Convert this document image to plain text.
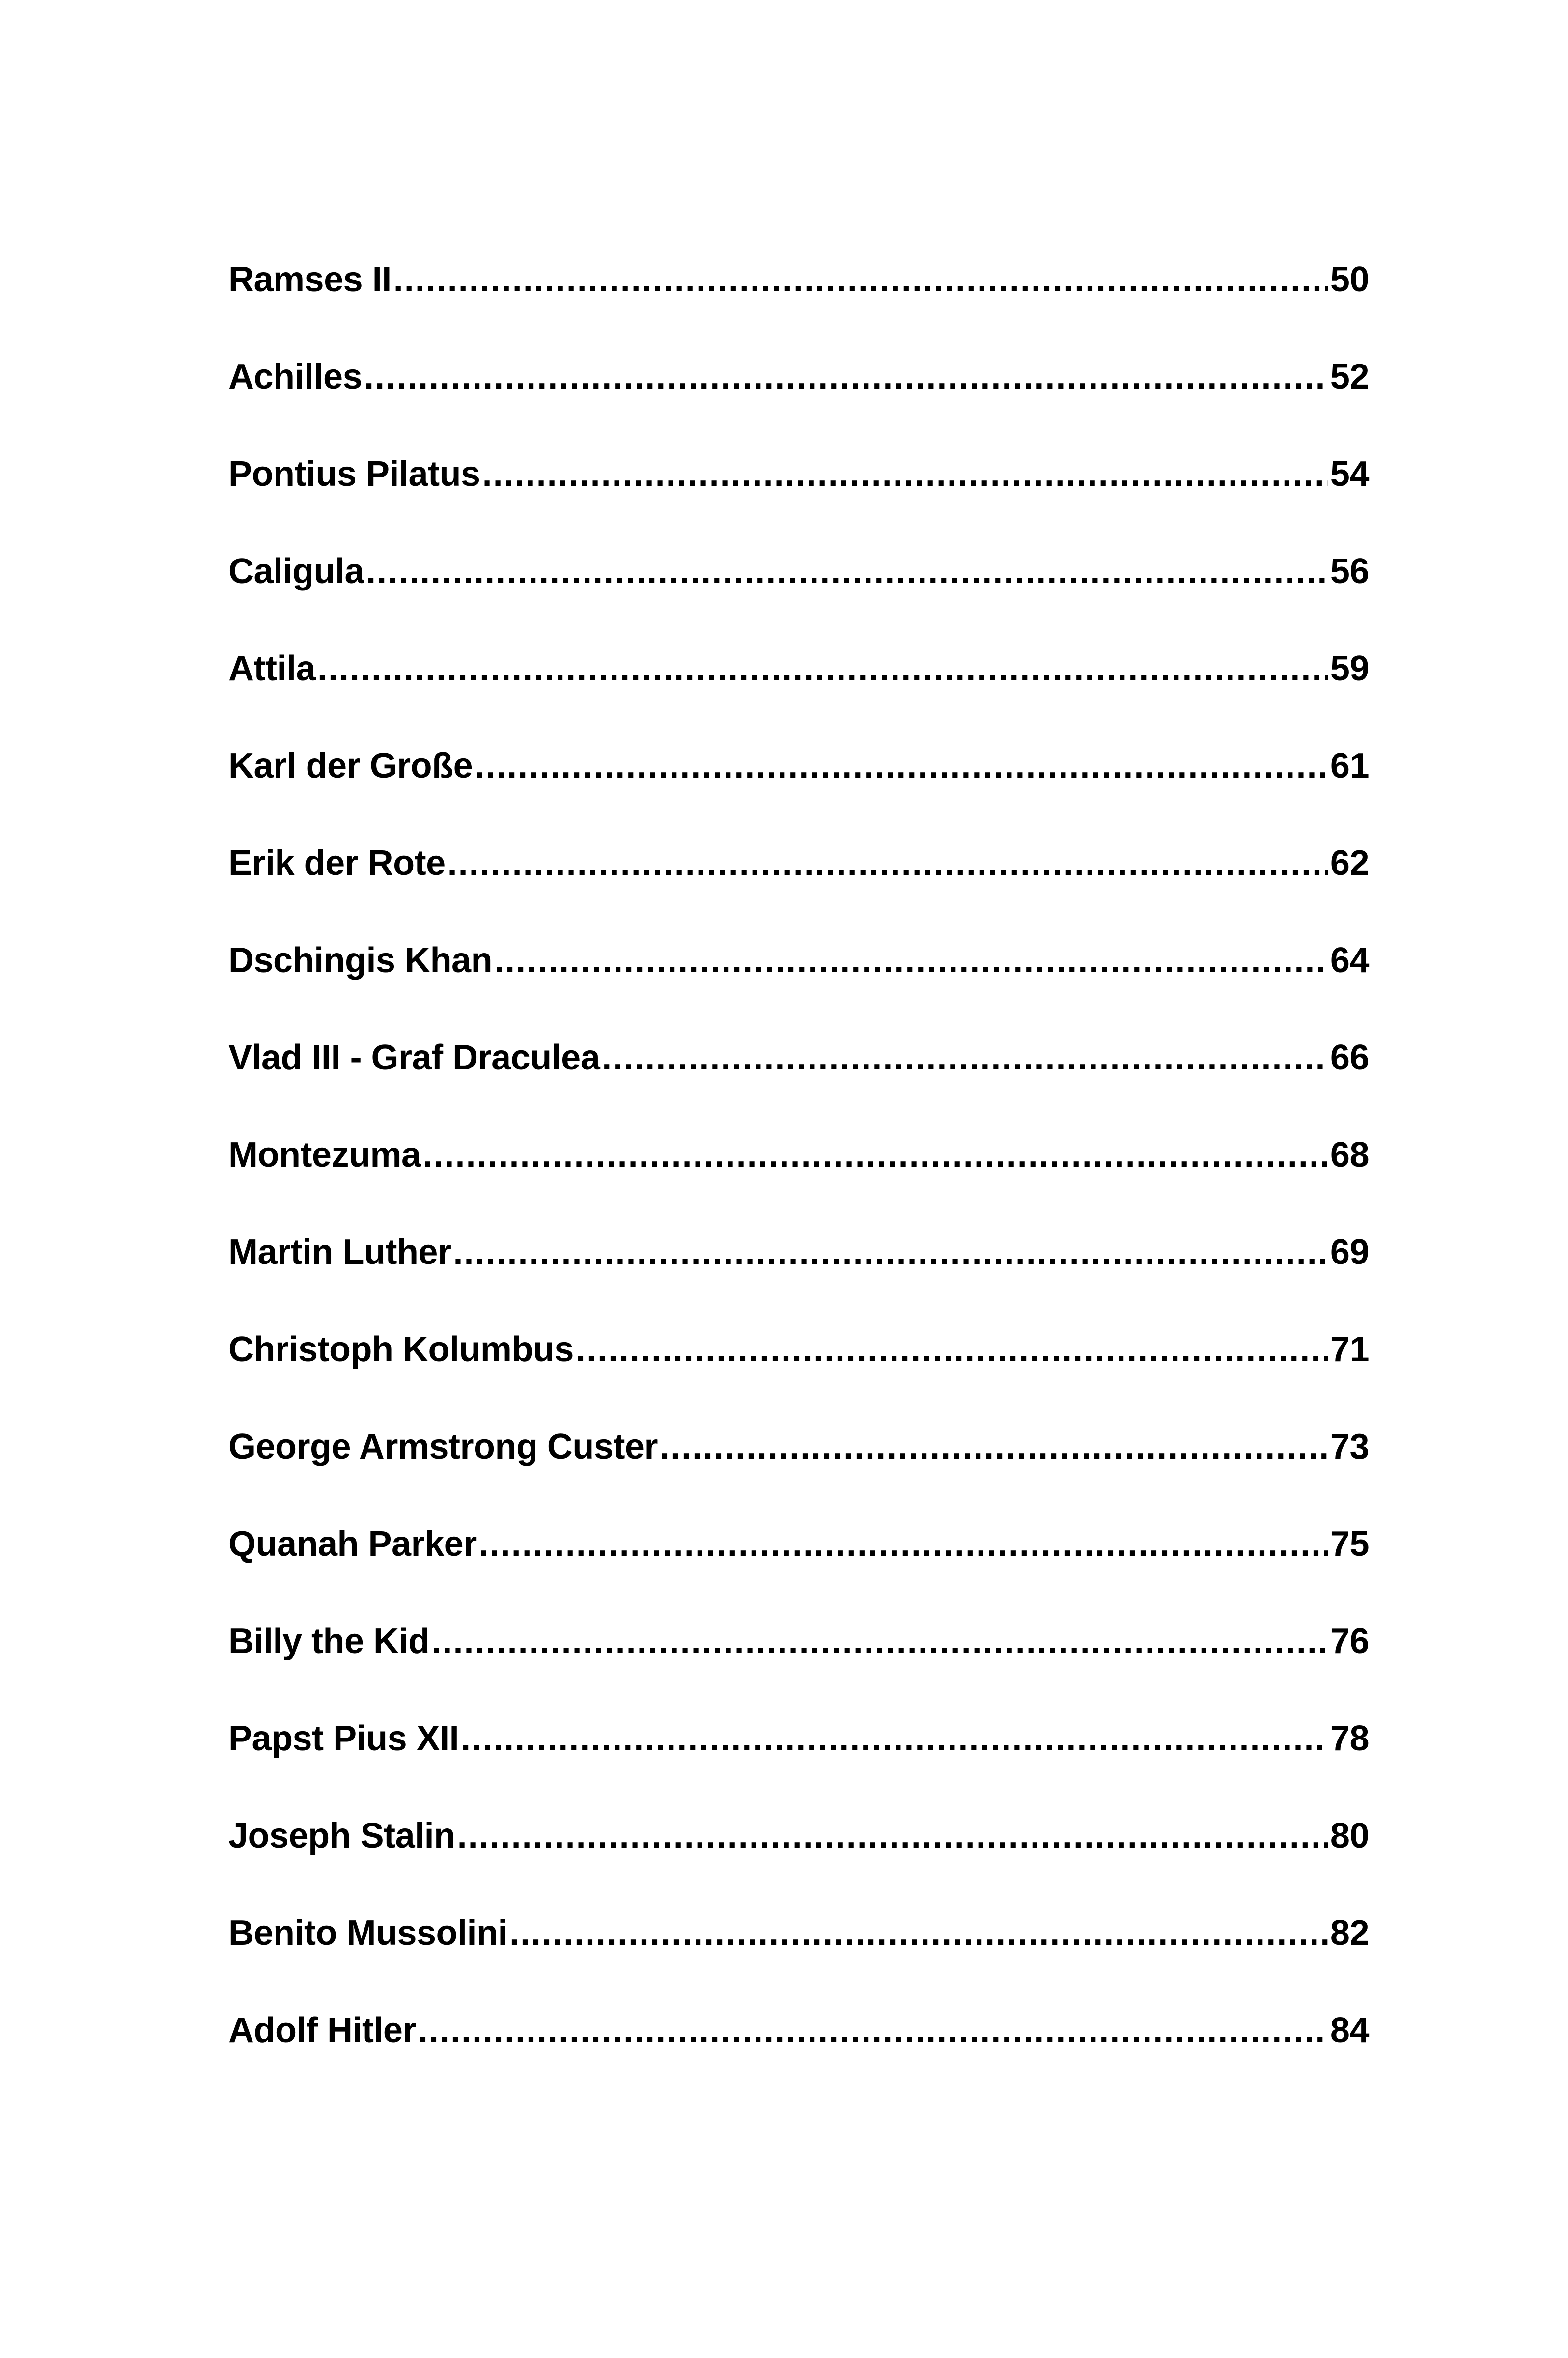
Ramses II .....	50
Achilles .....	52
Pontius Pilatus .....	54
Caligula .....	56
Attila .....	59
Karl der Große .....	61
Erik der Rote .....	62
Dschingis Khan .....	64
Vlad III - Graf Draculea .....	66
Montezuma .....	68
Martin Luther .....	69
Christoph Kolumbus .....	71
George Armstrong Custer .....	73
Quanah Parker .....	75
Billy the Kid .....	76
Papst Pius XII .....	78
Joseph Stalin .....	80
Benito Mussolini .....	82
Adolf Hitler .....	84
